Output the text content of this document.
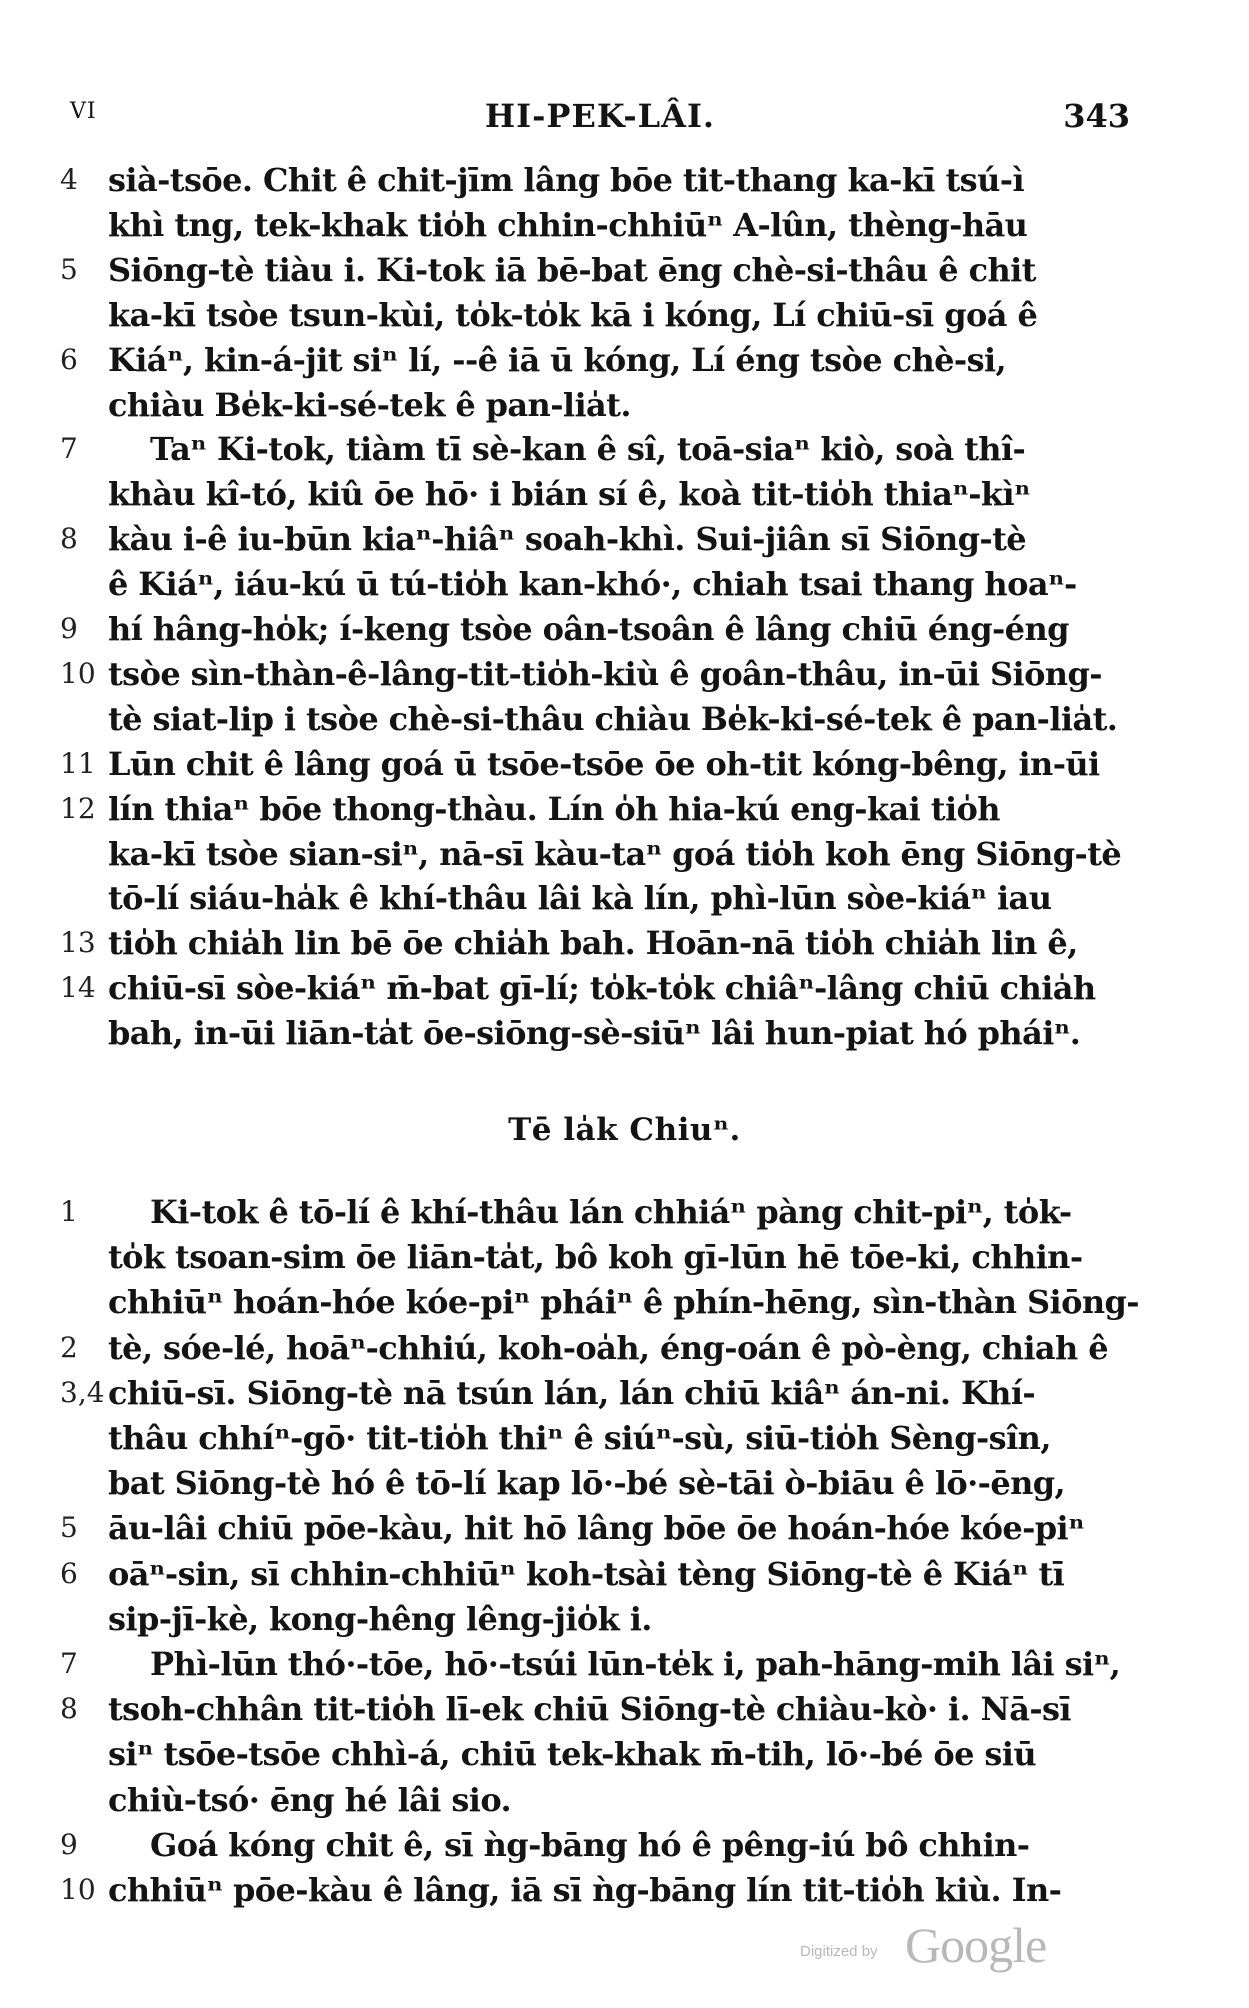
VI	HI-PEK-LÂI.	343
4 sià-tsōe. Chit ê chit-jīm lâng bōe tit-thang ka-kī tsú-ì
khì tng, tek-khak tio̍h chhin-chhiūⁿ A-lûn, thèng-hāu
5 Siōng-tè tiàu i. Ki-tok iā bē-bat ēng chè-si-thâu ê chit
ka-kī tsòe tsun-kùi, to̍k-to̍k kā i kóng, Lí chiū-sī goá ê
6 Kiáⁿ, kin-á-jit siⁿ lí, --ê iā ū kóng, Lí éng tsòe chè-si,
chiàu Be̍k-ki-sé-tek ê pan-lia̍t.
7	Taⁿ Ki-tok, tiàm tī sè-kan ê sî, toā-siaⁿ kiò, soà thî-
khàu kî-tó, kiû ōe hō· i bián sí ê, koà tit-tio̍h thiaⁿ-kìⁿ
8 kàu i-ê iu-būn kiaⁿ-hiâⁿ soah-khì. Sui-jiân sī Siōng-tè
ê Kiáⁿ, iáu-kú ū tú-tio̍h kan-khó·, chiah tsai thang hoaⁿ-
9 hí hâng-ho̍k; í-keng tsòe oân-tsoân ê lâng chiū éng-éng
10 tsòe sìn-thàn-ê-lâng-tit-tio̍h-kiù ê goân-thâu, in-ūi Siōng-
tè siat-lip i tsòe chè-si-thâu chiàu Be̍k-ki-sé-tek ê pan-lia̍t.
11 Lūn chit ê lâng goá ū tsōe-tsōe ōe oh-tit kóng-bêng, in-ūi
12 lín thiaⁿ bōe thong-thàu. Lín o̍h hia-kú eng-kai tio̍h
ka-kī tsòe sian-siⁿ, nā-sī kàu-taⁿ goá tio̍h koh ēng Siōng-tè
tō-lí siáu-ha̍k ê khí-thâu lâi kà lín, phì-lūn sòe-kiáⁿ iau
13 tio̍h chia̍h lin bē ōe chia̍h bah. Hoān-nā tio̍h chia̍h lin ê,
14 chiū-sī sòe-kiáⁿ m̄-bat gī-lí; to̍k-to̍k chiâⁿ-lâng chiū chia̍h
bah, in-ūi liān-ta̍t ōe-siōng-sè-siūⁿ lâi hun-piat hó pháiⁿ.
Tē la̍k Chiuⁿ.
1	Ki-tok ê tō-lí ê khí-thâu lán chhiáⁿ pàng chit-piⁿ, to̍k-
to̍k tsoan-sim ōe liān-ta̍t, bô koh gī-lūn hē tōe-ki, chhin-
chhiūⁿ hoán-hóe kóe-piⁿ pháiⁿ ê phín-hēng, sìn-thàn Siōng-
2 tè, sóe-lé, hoāⁿ-chhiú, koh-oa̍h, éng-oán ê pò-èng, chiah ê
3,4 chiū-sī. Siōng-tè nā tsún lán, lán chiū kiâⁿ án-ni. Khí-
thâu chhíⁿ-gō· tit-tio̍h thiⁿ ê siúⁿ-sù, siū-tio̍h Sèng-sîn,
bat Siōng-tè hó ê tō-lí kap lō·-bé sè-tāi ò-biāu ê lō·-ēng,
5 āu-lâi chiū pōe-kàu, hit hō lâng bōe ōe hoán-hóe kóe-piⁿ
6 oāⁿ-sin, sī chhin-chhiūⁿ koh-tsài tèng Siōng-tè ê Kiáⁿ tī
sip-jī-kè, kong-hêng lêng-jio̍k i.
7	Phì-lūn thó·-tōe, hō·-tsúi lūn-te̍k i, pah-hāng-mih lâi siⁿ,
8 tsoh-chhân tit-tio̍h lī-ek chiū Siōng-tè chiàu-kò· i. Nā-sī
siⁿ tsōe-tsōe chhì-á, chiū tek-khak m̄-tih, lō·-bé ōe siū
chiù-tsó· ēng hé lâi sio.
9	Goá kóng chit ê, sī ǹg-bāng hó ê pêng-iú bô chhin-
10 chhiūⁿ pōe-kàu ê lâng, iā sī ǹg-bāng lín tit-tio̍h kiù. In-
Digitized by Google
